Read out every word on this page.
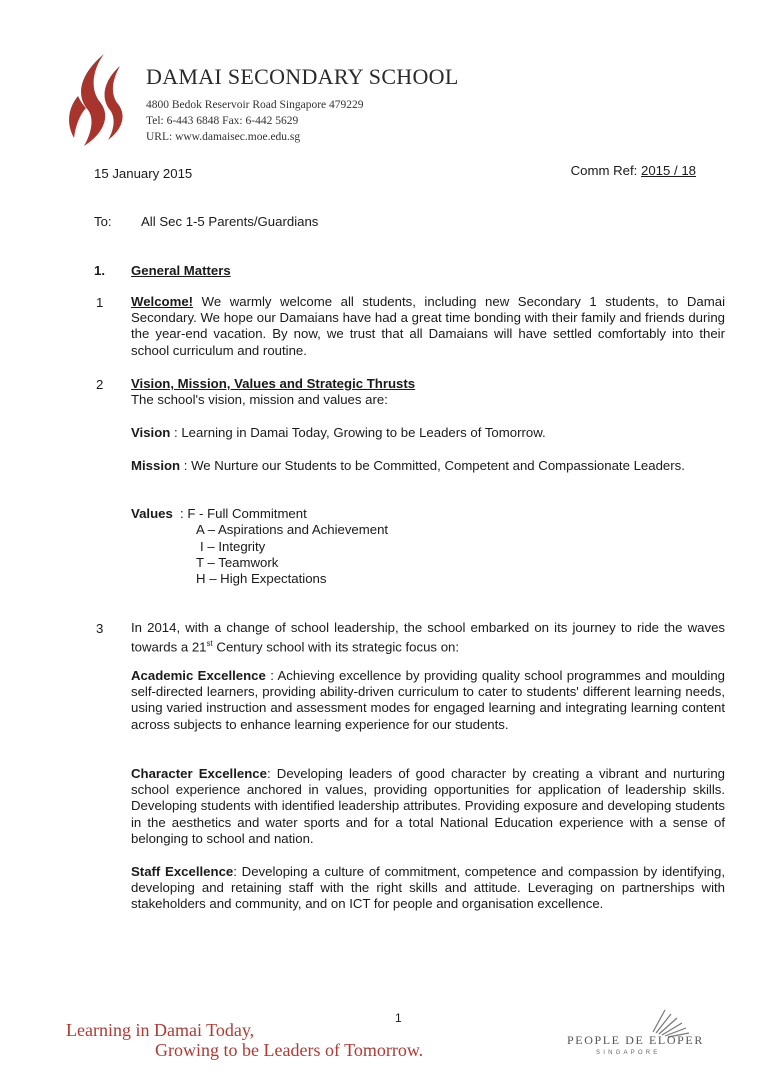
DAMAI SECONDARY SCHOOL
4800 Bedok Reservoir Road Singapore 479229
Tel: 6-443 6848 Fax: 6-442 5629
URL: www.damaisec.moe.edu.sg
15 January 2015	Comm Ref: 2015 / 18
To: All Sec 1-5 Parents/Guardians
1. General Matters
1 Welcome! We warmly welcome all students, including new Secondary 1 students, to Damai Secondary. We hope our Damaians have had a great time bonding with their family and friends during the year-end vacation. By now, we trust that all Damaians will have settled comfortably into their school curriculum and routine.
2 Vision, Mission, Values and Strategic Thrusts
The school's vision, mission and values are:
Vision : Learning in Damai Today, Growing to be Leaders of Tomorrow.
Mission : We Nurture our Students to be Committed, Competent and Compassionate Leaders.
Values : F - Full Commitment
A – Aspirations and Achievement
I – Integrity
T – Teamwork
H – High Expectations
3 In 2014, with a change of school leadership, the school embarked on its journey to ride the waves towards a 21st Century school with its strategic focus on:
Academic Excellence : Achieving excellence by providing quality school programmes and moulding self-directed learners, providing ability-driven curriculum to cater to students' different learning needs, using varied instruction and assessment modes for engaged learning and integrating learning content across subjects to enhance learning experience for our students.
Character Excellence: Developing leaders of good character by creating a vibrant and nurturing school experience anchored in values, providing opportunities for application of leadership skills. Developing students with identified leadership attributes. Providing exposure and developing students in the aesthetics and water sports and for a total National Education experience with a sense of belonging to school and nation.
Staff Excellence: Developing a culture of commitment, competence and compassion by identifying, developing and retaining staff with the right skills and attitude. Leveraging on partnerships with stakeholders and community, and on ICT for people and organisation excellence.
1
Learning in Damai Today,
Growing to be Leaders of Tomorrow.	PEOPLE DE ELOPER
SINGAPORE
